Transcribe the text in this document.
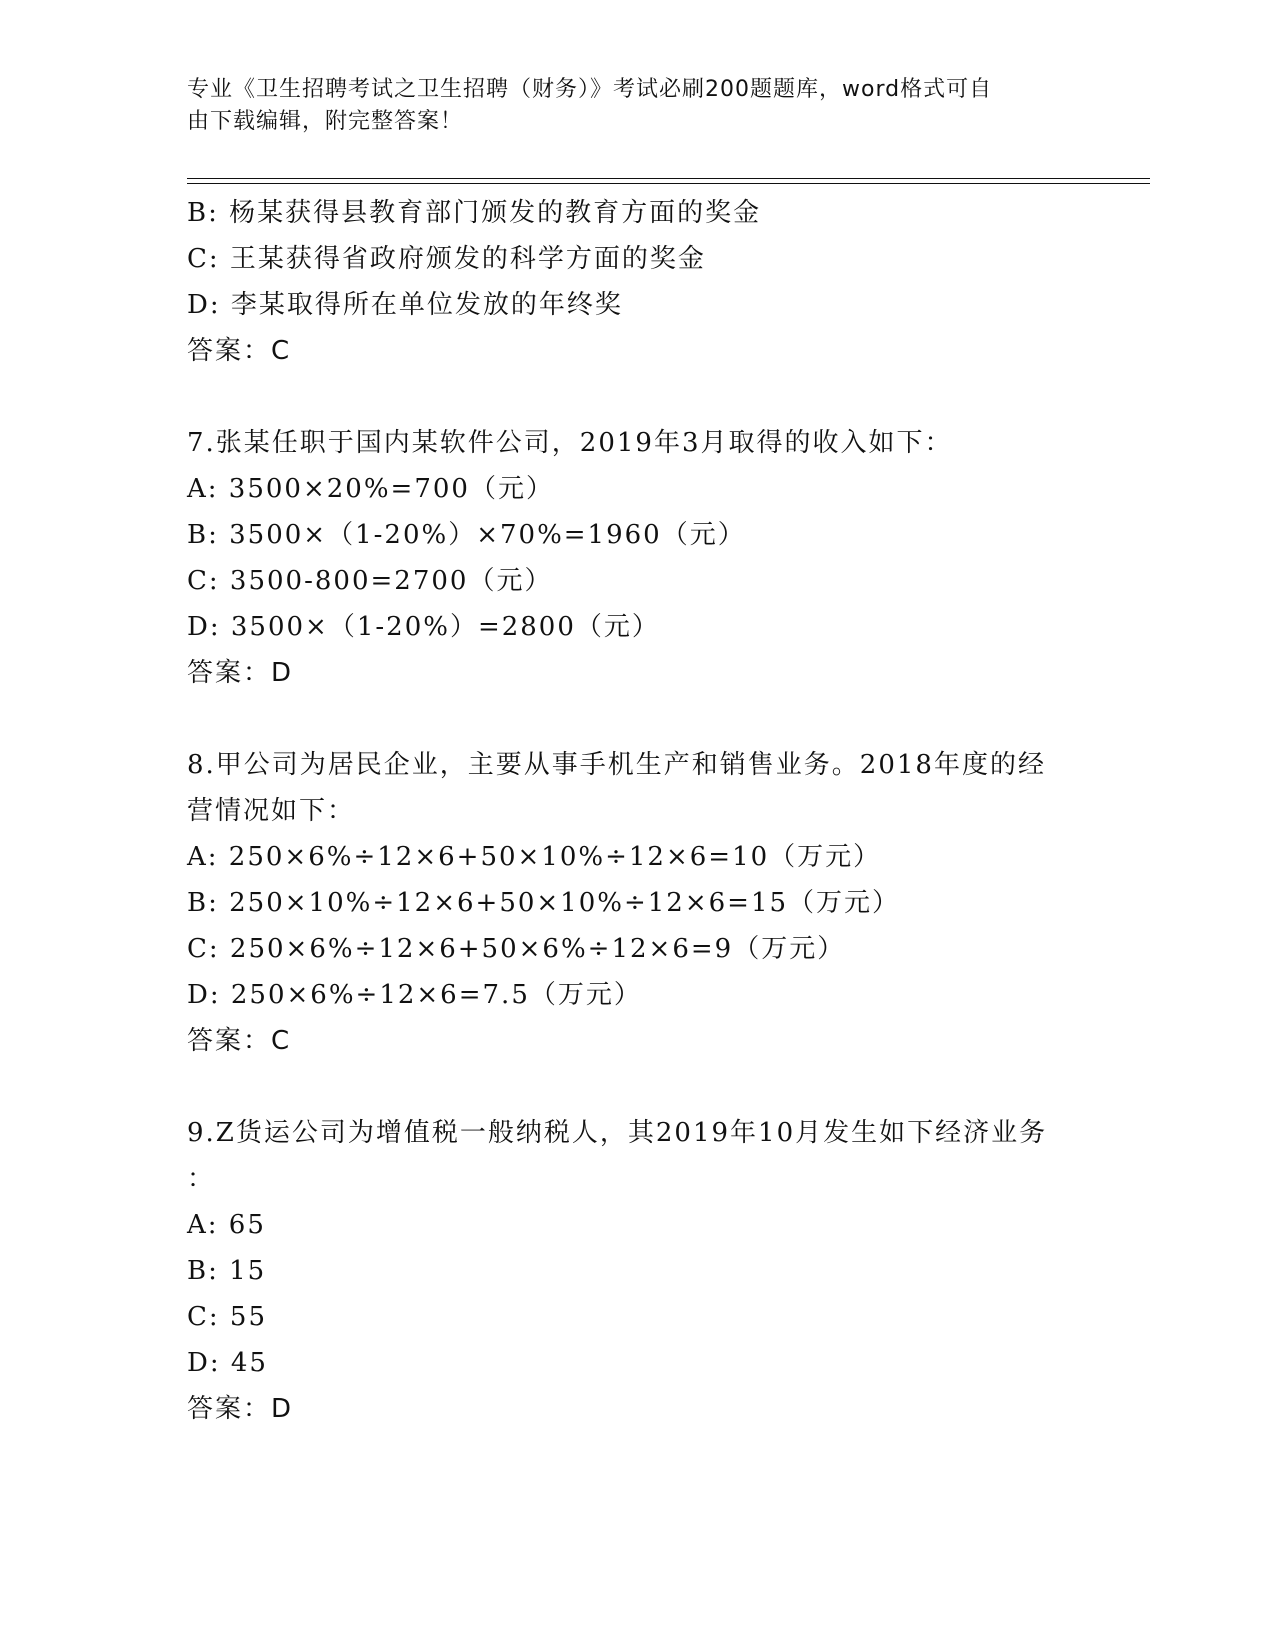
专业《卫生招聘考试之卫生招聘（财务）》考试必刷200题题库，word格式可自
由下载编辑，附完整答案！
B: 杨某获得县教育部门颁发的教育方面的奖金
C: 王某获得省政府颁发的科学方面的奖金
D: 李某取得所在单位发放的年终奖
答案：C
7.张某任职于国内某软件公司，2019年3月取得的收入如下：
A: 3500×20%=700（元）
B: 3500×（1-20%）×70%=1960（元）
C: 3500-800=2700（元）
D: 3500×（1-20%）=2800（元）
答案：D
8.甲公司为居民企业，主要从事手机生产和销售业务。2018年度的经
营情况如下：
A: 250×6%÷12×6+50×10%÷12×6=10（万元）
B: 250×10%÷12×6+50×10%÷12×6=15（万元）
C: 250×6%÷12×6+50×6%÷12×6=9（万元）
D: 250×6%÷12×6=7.5（万元）
答案：C
9.Z货运公司为增值税一般纳税人，其2019年10月发生如下经济业务
：
A: 65
B: 15
C: 55
D: 45
答案：D
